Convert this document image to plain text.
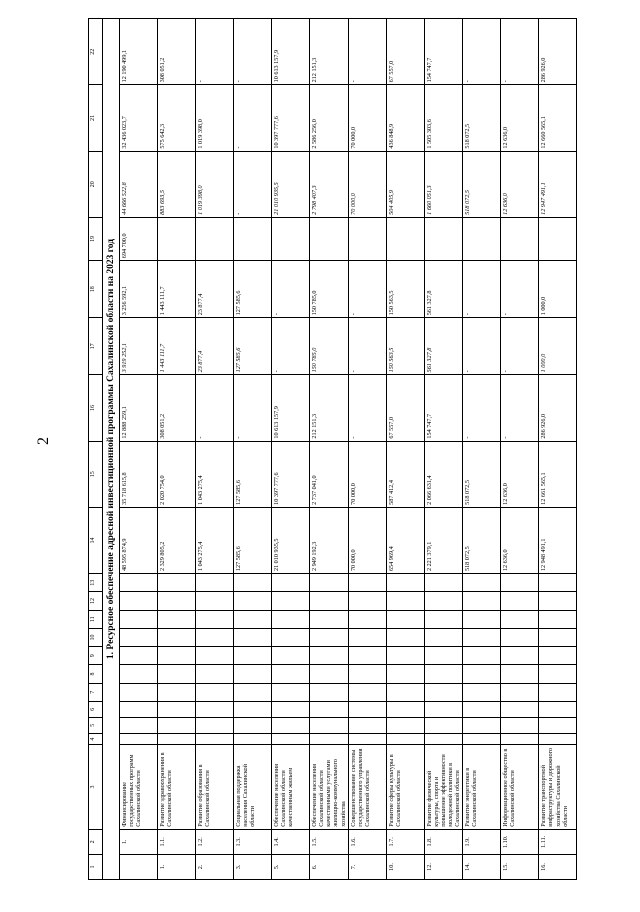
2
1	2	3	4	5	6	7	8	9	10	11	12	13	14	15	16	17	18	19	20	21	22
1. Ресурсное обеспечение адресной инвестиционной программы Сахалинской области на 2023 год																					
	1.	Финансирование государственных программ Сахалинской области											48 595 874,9	35 718 615,8	12 888 259,1	3 919 252,1	3 256 592,1	694 700,0	44 666 522,8	32 436 023,7	12 190 499,1
1.	1.1.	Развитие здравоохранения в Сахалинской области											2 329 805,2	2 020 754,0	308 051,2	1 443 111,7	1 443 111,7		883 693,5	575 642,3	308 051,2
2.	1.2.	Развитие образования в Сахалинской области											1 043 275,4	1 043 275,4	-	23 877,4	23 877,4		1 019 398,0	1 019 398,0	-
3.	1.3.	Социальная поддержка населения Сахалинской области											127 585,6	127 585,6	-	127 585,6	127 585,6		-	-	-
5.	1.4.	Обеспечение населения Сахалинской области качественным жильем											21 010 935,5	10 397 777,6	10 613 157,9	-	-		21 010 935,5	10 397 777,6	10 613 157,9
6.	1.5.	Обеспечение населения Сахалинской области качественными услугами жилищно-коммунального хозяйства											2 949 192,3	2 737 041,0	212 151,3	150 785,0	150 785,0		2 798 407,3	2 586 256,0	212 151,3
7.	1.6.	Совершенствование системы государственного управления Сахалинской области											70 000,0	70 000,0	-	-	-		70 000,0	70 000,0	-
10.	1.7.	Развитие сферы культуры в Сахалинской области											654 969,4	587 412,4	67 557,0	150 563,5	150 563,5		504 405,9	436 848,9	67 557,0
12.	1.8.	Развитие физической культуры, спорта и повышение эффективности молодежной политики в Сахалинской области											2 221 379,1	2 066 631,4	154 747,7	561 327,8	561 327,8		1 660 051,3	1 505 303,6	154 747,7
14.	1.9.	Развитие энергетики в Сахалинской области											518 072,5	518 072,5	-	-	-		518 072,5	518 072,5	-
15.	1.10.	Информационное общество в Сахалинской области											12 636,0	12 636,0	-	-	-		12 636,0	12 636,0	-
16.	1.11.	Развитие транспортной инфраструктуры и дорожного хозяйства Сахалинской области											12 948 491,1	12 661 565,1	286 926,0	1 000,0	1 000,0		12 947 491,1	12 660 565,1	286 926,0
